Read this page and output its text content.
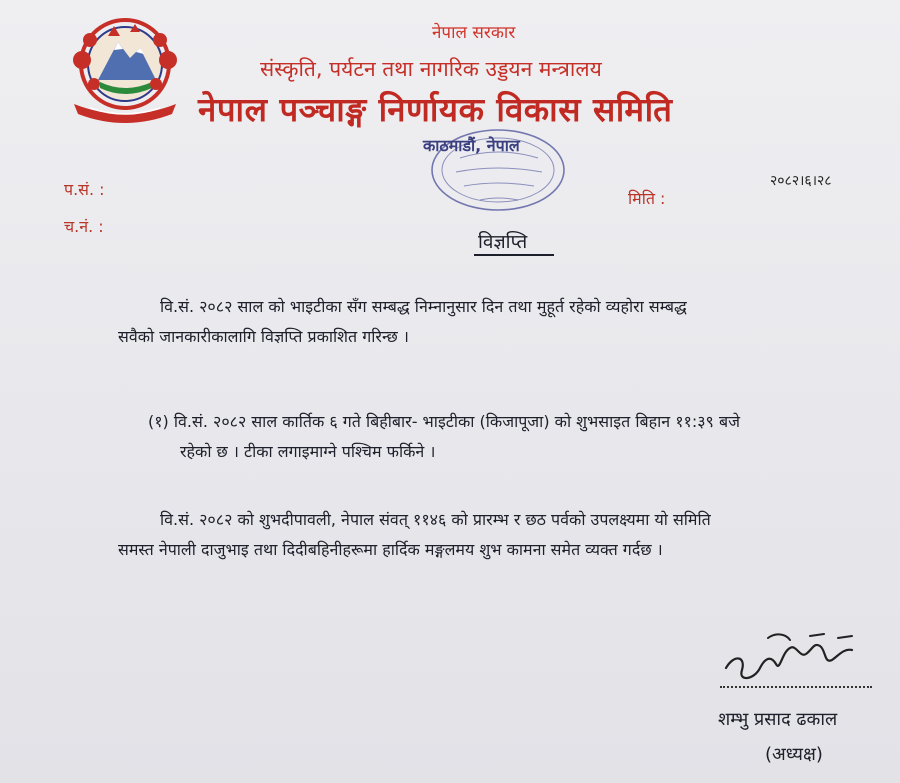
नेपाल सरकार
संस्कृति, पर्यटन तथा नागरिक उड्डयन मन्त्रालय
नेपाल पञ्चाङ्ग निर्णायक विकास समिति
काठमाडौं, नेपाल
प.सं. :
च.नं. :
मिति :
२०८२।६।२८
विज्ञप्ति
वि.सं. २०८२ साल को भाइटीका सँग सम्बद्ध निम्नानुसार दिन तथा मुहूर्त रहेको व्यहोरा सम्बद्ध
सवैको जानकारीकालागि विज्ञप्ति प्रकाशित गरिन्छ ।
(१) वि.सं. २०८२ साल कार्तिक ६ गते बिहीबार- भाइटीका (किजापूजा) को शुभसाइत बिहान ११:३९ बजे
रहेको छ । टीका लगाइमाग्ने पश्चिम फर्किने ।
वि.सं. २०८२ को शुभदीपावली, नेपाल संवत् ११४६ को प्रारम्भ र छठ पर्वको उपलक्ष्यमा यो समिति
समस्त नेपाली दाजुभाइ तथा दिदीबहिनीहरूमा हार्दिक मङ्गलमय शुभ कामना समेत व्यक्त गर्दछ ।
शम्भु प्रसाद ढकाल
(अध्यक्ष)
